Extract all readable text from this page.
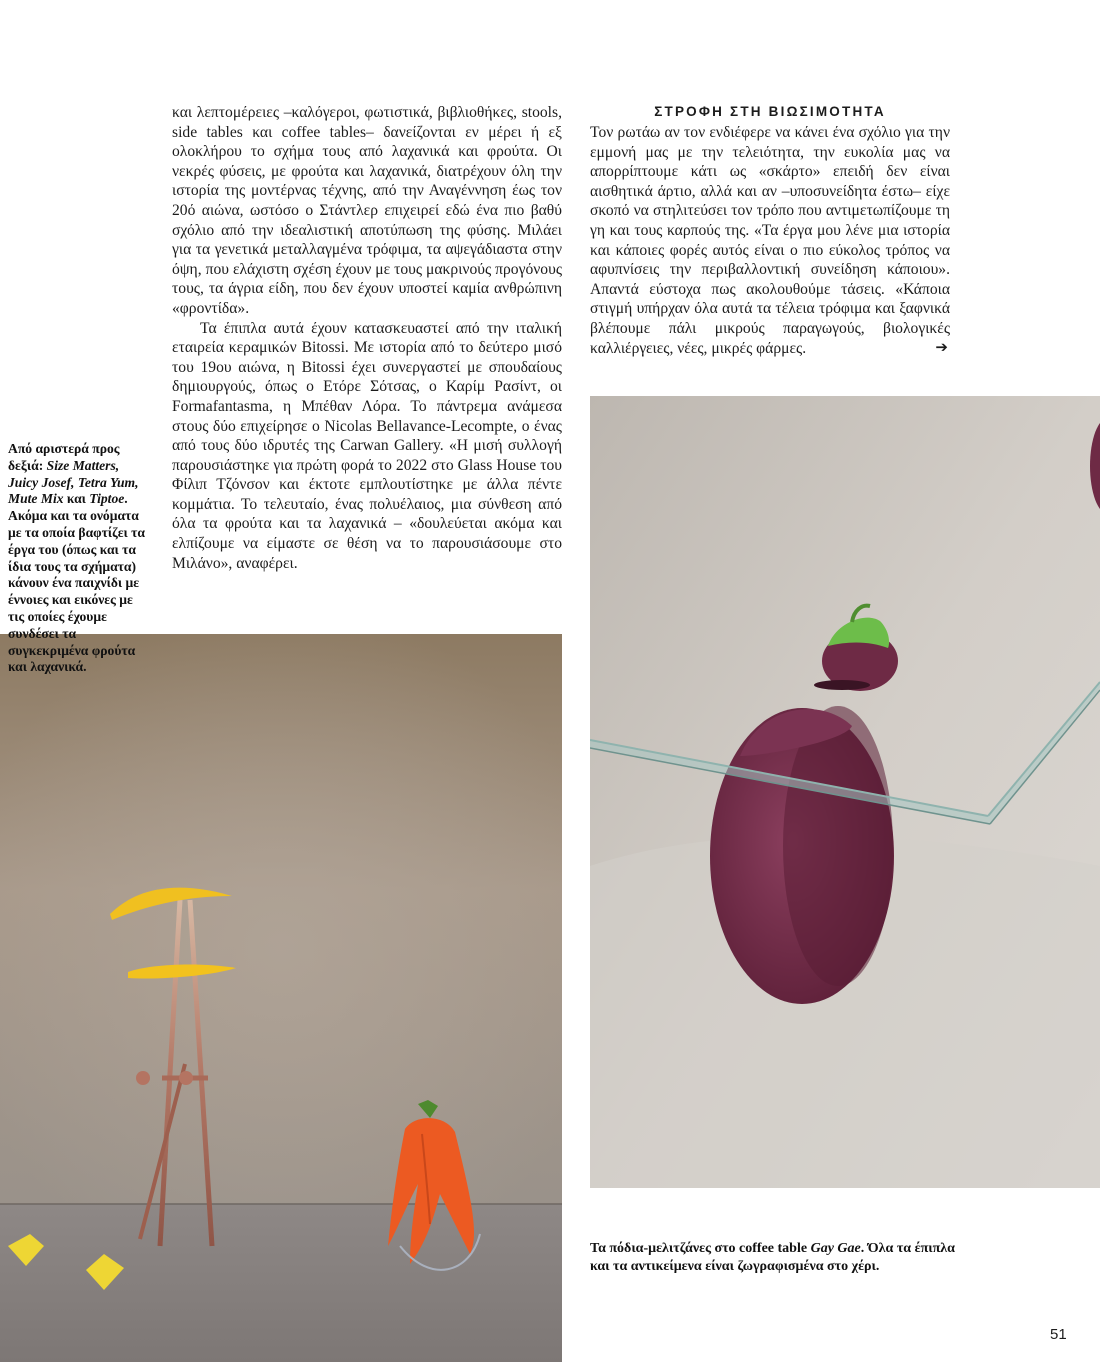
και λεπτομέρειες –καλόγεροι, φωτιστικά, βιβλιοθήκες, stools, side tables και coffee tables– δανείζονται εν μέρει ή εξ ολοκλήρου το σχήμα τους από λαχανικά και φρούτα. Οι νεκρές φύσεις, με φρούτα και λαχανικά, διατρέχουν όλη την ιστορία της μοντέρνας τέχνης, από την Αναγέννηση έως τον 20ό αιώνα, ωστόσο ο Στάντλερ επιχειρεί εδώ ένα πιο βαθύ σχόλιο από την ιδεαλιστική αποτύπωση της φύσης. Μιλάει για τα γενετικά μεταλλαγμένα τρόφιμα, τα αψεγάδιαστα στην όψη, που ελάχιστη σχέση έχουν με τους μακρινούς προγόνους τους, τα άγρια είδη, που δεν έχουν υποστεί καμία ανθρώπινη «φροντίδα».

Τα έπιπλα αυτά έχουν κατασκευαστεί από την ιταλική εταιρεία κεραμικών Bitossi. Με ιστορία από το δεύτερο μισό του 19ου αιώνα, η Bitossi έχει συνεργαστεί με σπουδαίους δημιουργούς, όπως ο Ετόρε Σότσας, ο Καρίμ Ρασίντ, οι Formafantasma, η Μπέθαν Λόρα. Το πάντρεμα ανάμεσα στους δύο επιχείρησε ο Nicolas Bellavance-Lecompte, ο ένας από τους δύο ιδρυτές της Carwan Gallery. «Η μισή συλλογή παρουσιάστηκε για πρώτη φορά το 2022 στο Glass House του Φίλιπ Τζόνσον και έκτοτε εμπλουτίστηκε με άλλα πέντε κομμάτια. Το τελευταίο, ένας πολυέλαιος, μια σύνθεση από όλα τα φρούτα και τα λαχανικά – «δουλεύεται ακόμα και ελπίζουμε να είμαστε σε θέση να το παρουσιάσουμε στο Μιλάνο», αναφέρει.

ΣΤΡΟΦΗ ΣΤΗ ΒΙΩΣΙΜΟΤΗΤΑ

Τον ρωτάω αν τον ενδιέφερε να κάνει ένα σχόλιο για την εμμονή μας με την τελειότητα, την ευκολία μας να απορρίπτουμε κάτι ως «σκάρτο» επειδή δεν είναι αισθητικά άρτιο, αλλά και αν –υποσυνείδητα έστω– είχε σκοπό να στηλιτεύσει τον τρόπο που αντιμετωπίζουμε τη γη και τους καρπούς της. «Τα έργα μου λένε μια ιστορία και κάποιες φορές αυτός είναι ο πιο εύκολος τρόπος να αφυπνίσεις την περιβαλλοντική συνείδηση κάποιου». Απαντά εύστοχα πως ακολουθούμε τάσεις. «Κάποια στιγμή υπήρχαν όλα αυτά τα τέλεια τρόφιμα και ξαφνικά βλέπουμε πάλι μικρούς παραγωγούς, βιολογικές καλλιέργειες, νέες, μικρές φάρμες.	➔

Από αριστερά προς δεξιά: Size Matters, Juicy Josef, Tetra Yum, Mute Mix και Tiptoe. Ακόμα και τα ονόματα με τα οποία βαφτίζει τα έργα του (όπως και τα ίδια τους τα σχήματα) κάνουν ένα παιχνίδι με έννοιες και εικόνες με τις οποίες έχουμε συνδέσει τα συγκεκριμένα φρούτα και λαχανικά.
Τα πόδια-μελιτζάνες στο coffee table Gay Gae. Όλα τα έπιπλα και τα αντικείμενα είναι ζωγραφισμένα στο χέρι.
51
